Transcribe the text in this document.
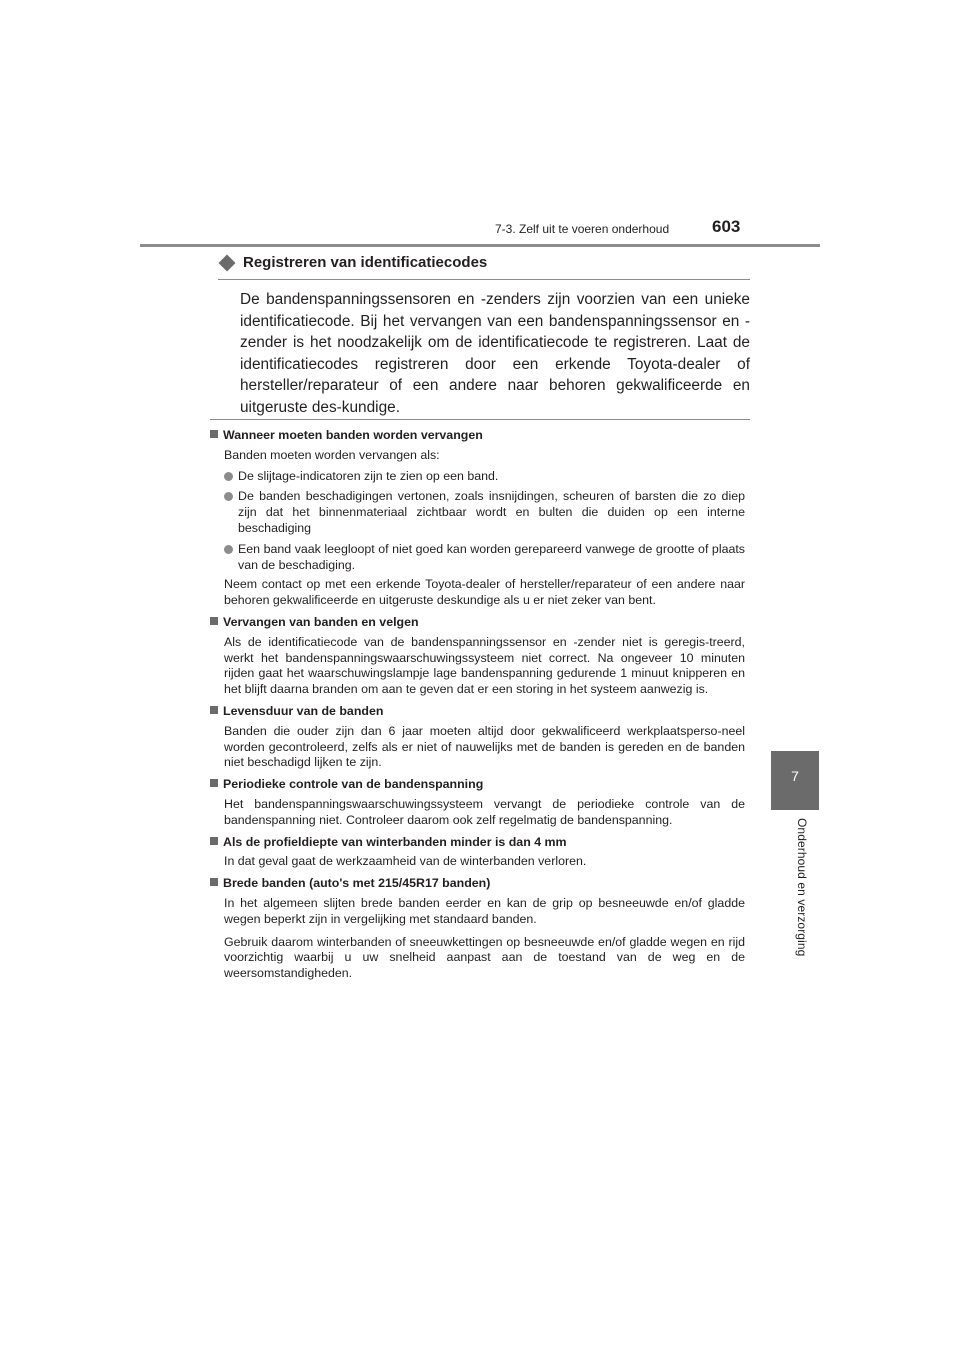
7-3. Zelf uit te voeren onderhoud	603
7
Onderhoud en verzorging
Registreren van identificatiecodes
De bandenspanningssensoren en -zenders zijn voorzien van een unieke identificatiecode. Bij het vervangen van een bandenspanningssensor en -zender is het noodzakelijk om de identificatiecode te registreren. Laat de identificatiecodes registreren door een erkende Toyota-dealer of hersteller/reparateur of een andere naar behoren gekwalificeerde en uitgeruste des-kundige.
Wanneer moeten banden worden vervangen
Banden moeten worden vervangen als:
De slijtage-indicatoren zijn te zien op een band.
De banden beschadigingen vertonen, zoals insnijdingen, scheuren of barsten die zo diep zijn dat het binnenmateriaal zichtbaar wordt en bulten die duiden op een interne beschadiging
Een band vaak leegloopt of niet goed kan worden gerepareerd vanwege de grootte of plaats van de beschadiging.
Neem contact op met een erkende Toyota-dealer of hersteller/reparateur of een andere naar behoren gekwalificeerde en uitgeruste deskundige als u er niet zeker van bent.
Vervangen van banden en velgen
Als de identificatiecode van de bandenspanningssensor en -zender niet is geregis-treerd, werkt het bandenspanningswaarschuwingssysteem niet correct. Na ongeveer 10 minuten rijden gaat het waarschuwingslampje lage bandenspanning gedurende 1 minuut knipperen en het blijft daarna branden om aan te geven dat er een storing in het systeem aanwezig is.
Levensduur van de banden
Banden die ouder zijn dan 6 jaar moeten altijd door gekwalificeerd werkplaatsperso-neel worden gecontroleerd, zelfs als er niet of nauwelijks met de banden is gereden en de banden niet beschadigd lijken te zijn.
Periodieke controle van de bandenspanning
Het bandenspanningswaarschuwingssysteem vervangt de periodieke controle van de bandenspanning niet. Controleer daarom ook zelf regelmatig de bandenspanning.
Als de profieldiepte van winterbanden minder is dan 4 mm
In dat geval gaat de werkzaamheid van de winterbanden verloren.
Brede banden (auto's met 215/45R17 banden)
In het algemeen slijten brede banden eerder en kan de grip op besneeuwde en/of gladde wegen beperkt zijn in vergelijking met standaard banden.
Gebruik daarom winterbanden of sneeuwkettingen op besneeuwde en/of gladde wegen en rijd voorzichtig waarbij u uw snelheid aanpast aan de toestand van de weg en de weersomstandigheden.
